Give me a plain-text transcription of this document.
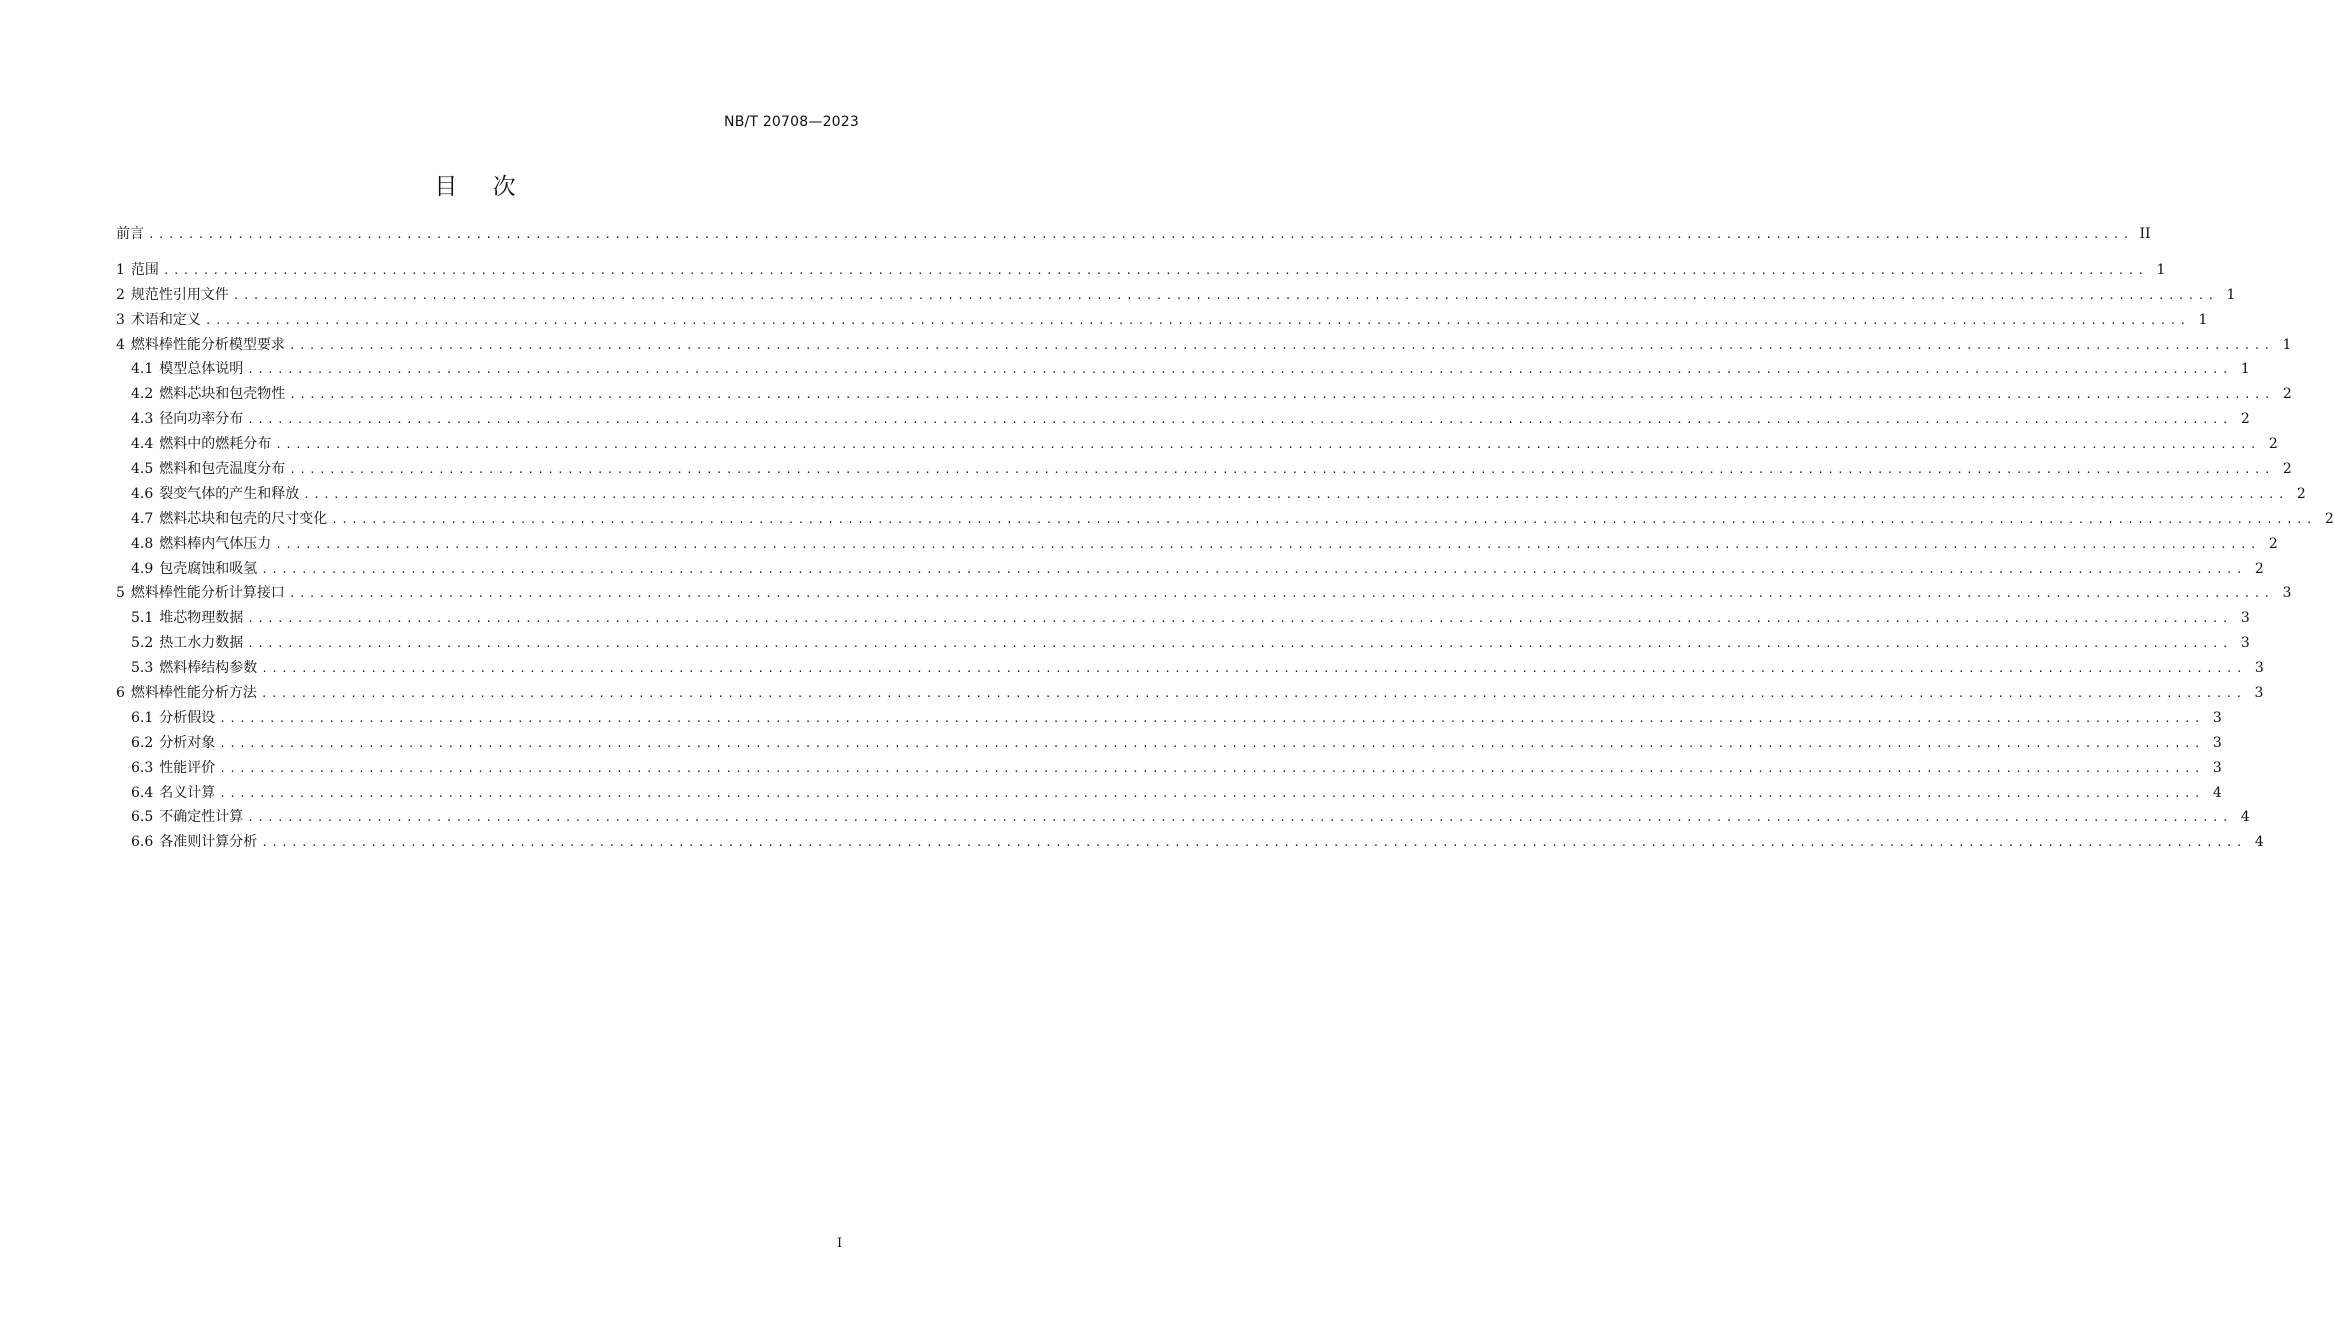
NB/T 20708—2023
目 次
前言 ........................................................................................................................................................................................................ II
1 范围 ........................................................................................................................................................................................................ 1
2 规范性引用文件 ........................................................................................................................................................................................................ 1
3 术语和定义 ........................................................................................................................................................................................................ 1
4 燃料棒性能分析模型要求 ........................................................................................................................................................................................................ 1
4.1 模型总体说明 ........................................................................................................................................................................................................ 1
4.2 燃料芯块和包壳物性 ........................................................................................................................................................................................................ 2
4.3 径向功率分布 ........................................................................................................................................................................................................ 2
4.4 燃料中的燃耗分布 ........................................................................................................................................................................................................ 2
4.5 燃料和包壳温度分布 ........................................................................................................................................................................................................ 2
4.6 裂变气体的产生和释放 ........................................................................................................................................................................................................ 2
4.7 燃料芯块和包壳的尺寸变化 ........................................................................................................................................................................................................ 2
4.8 燃料棒内气体压力 ........................................................................................................................................................................................................ 2
4.9 包壳腐蚀和吸氢 ........................................................................................................................................................................................................ 2
5 燃料棒性能分析计算接口 ........................................................................................................................................................................................................ 3
5.1 堆芯物理数据 ........................................................................................................................................................................................................ 3
5.2 热工水力数据 ........................................................................................................................................................................................................ 3
5.3 燃料棒结构参数 ........................................................................................................................................................................................................ 3
6 燃料棒性能分析方法 ........................................................................................................................................................................................................ 3
6.1 分析假设 ........................................................................................................................................................................................................ 3
6.2 分析对象 ........................................................................................................................................................................................................ 3
6.3 性能评价 ........................................................................................................................................................................................................ 3
6.4 名义计算 ........................................................................................................................................................................................................ 4
6.5 不确定性计算 ........................................................................................................................................................................................................ 4
6.6 各准则计算分析 ........................................................................................................................................................................................................ 4
I
